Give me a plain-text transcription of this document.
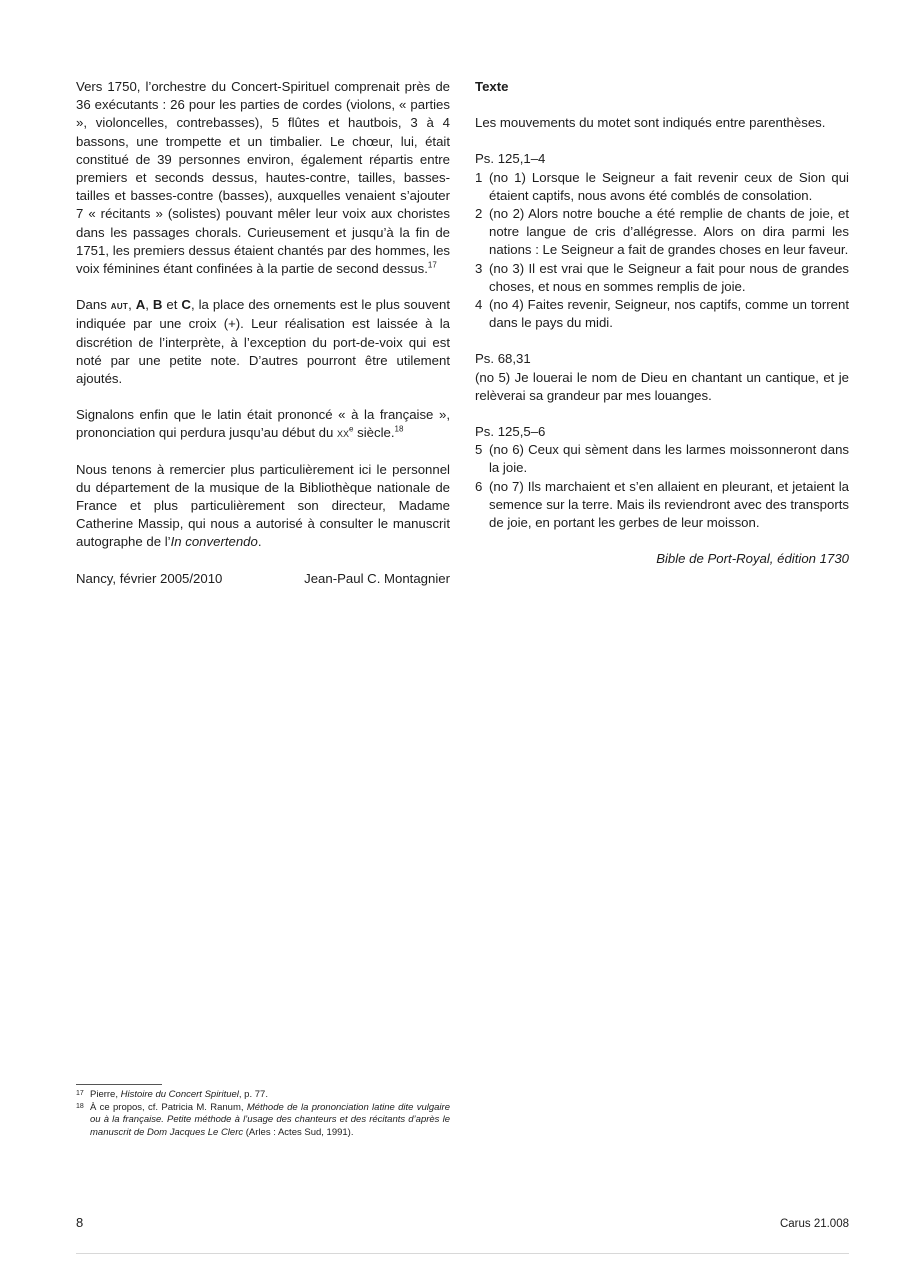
Vers 1750, l’orchestre du Concert-Spirituel comprenait près de 36 exécutants : 26 pour les parties de cordes (violons, « parties », violoncelles, contrebasses), 5 flûtes et hautbois, 3 à 4 bassons, une trompette et un timbalier. Le chœur, lui, était constitué de 39 personnes environ, également répartis entre premiers et seconds dessus, hautes-contre, tailles, basses-tailles et basses-contre (basses), auxquelles venaient s’ajouter 7 « récitants » (solistes) pouvant mêler leur voix aux choristes dans les passages chorals. Curieusement et jusqu’à la fin de 1751, les premiers dessus étaient chantés par des hommes, les voix féminines étant confinées à la partie de second dessus.$^{17}$

Dans aut, A, B et C, la place des ornements est le plus souvent indiquée par une croix (+). Leur réalisation est laissée à la discrétion de l’interprète, à l’exception du port-de-voix qui est noté par une petite note. D’autres pourront être utilement ajoutés.

Signalons enfin que le latin était prononcé « à la française », prononciation qui perdura jusqu’au début du $xx^e$ siècle.$^{18}$

Nous tenons à remercier plus particulièrement ici le personnel du département de la musique de la Bibliothèque nationale de France et plus particulièrement son directeur, Madame Catherine Massip, qui nous a autorisé à consulter le manuscrit autographe de l’In convertendo.

Nancy, février 2005/2010	Jean-Paul C. Montagnier
Texte

Les mouvements du motet sont indiqués entre parenthèses.

Ps. 125,1–4
1 (no 1) Lorsque le Seigneur a fait revenir ceux de Sion qui étaient captifs, nous avons été comblés de consolation.
2 (no 2) Alors notre bouche a été remplie de chants de joie, et notre langue de cris d’allégresse. Alors on dira parmi les nations : Le Seigneur a fait de grandes choses en leur faveur.
3 (no 3) Il est vrai que le Seigneur a fait pour nous de grandes choses, et nous en sommes remplis de joie.
4 (no 4) Faites revenir, Seigneur, nos captifs, comme un torrent dans le pays du midi.
Ps. 68,31
(no 5) Je louerai le nom de Dieu en chantant un cantique, et je relèverai sa grandeur par mes louanges.
Ps. 125,5–6
5 (no 6) Ceux qui sèment dans les larmes moissonneront dans la joie.
6 (no 7) Ils marchaient et s’en allaient en pleurant, et jetaient la semence sur la terre. Mais ils reviendront avec des transports de joie, en portant les gerbes de leur moisson.
Bible de Port-Royal, édition 1730
17 Pierre, Histoire du Concert Spirituel, p. 77.
18 À ce propos, cf. Patricia M. Ranum, Méthode de la prononciation latine dite vulgaire ou à la française. Petite méthode à l’usage des chanteurs et des récitants d’après le manuscrit de Dom Jacques Le Clerc (Arles : Actes Sud, 1991).
8	Carus 21.008
